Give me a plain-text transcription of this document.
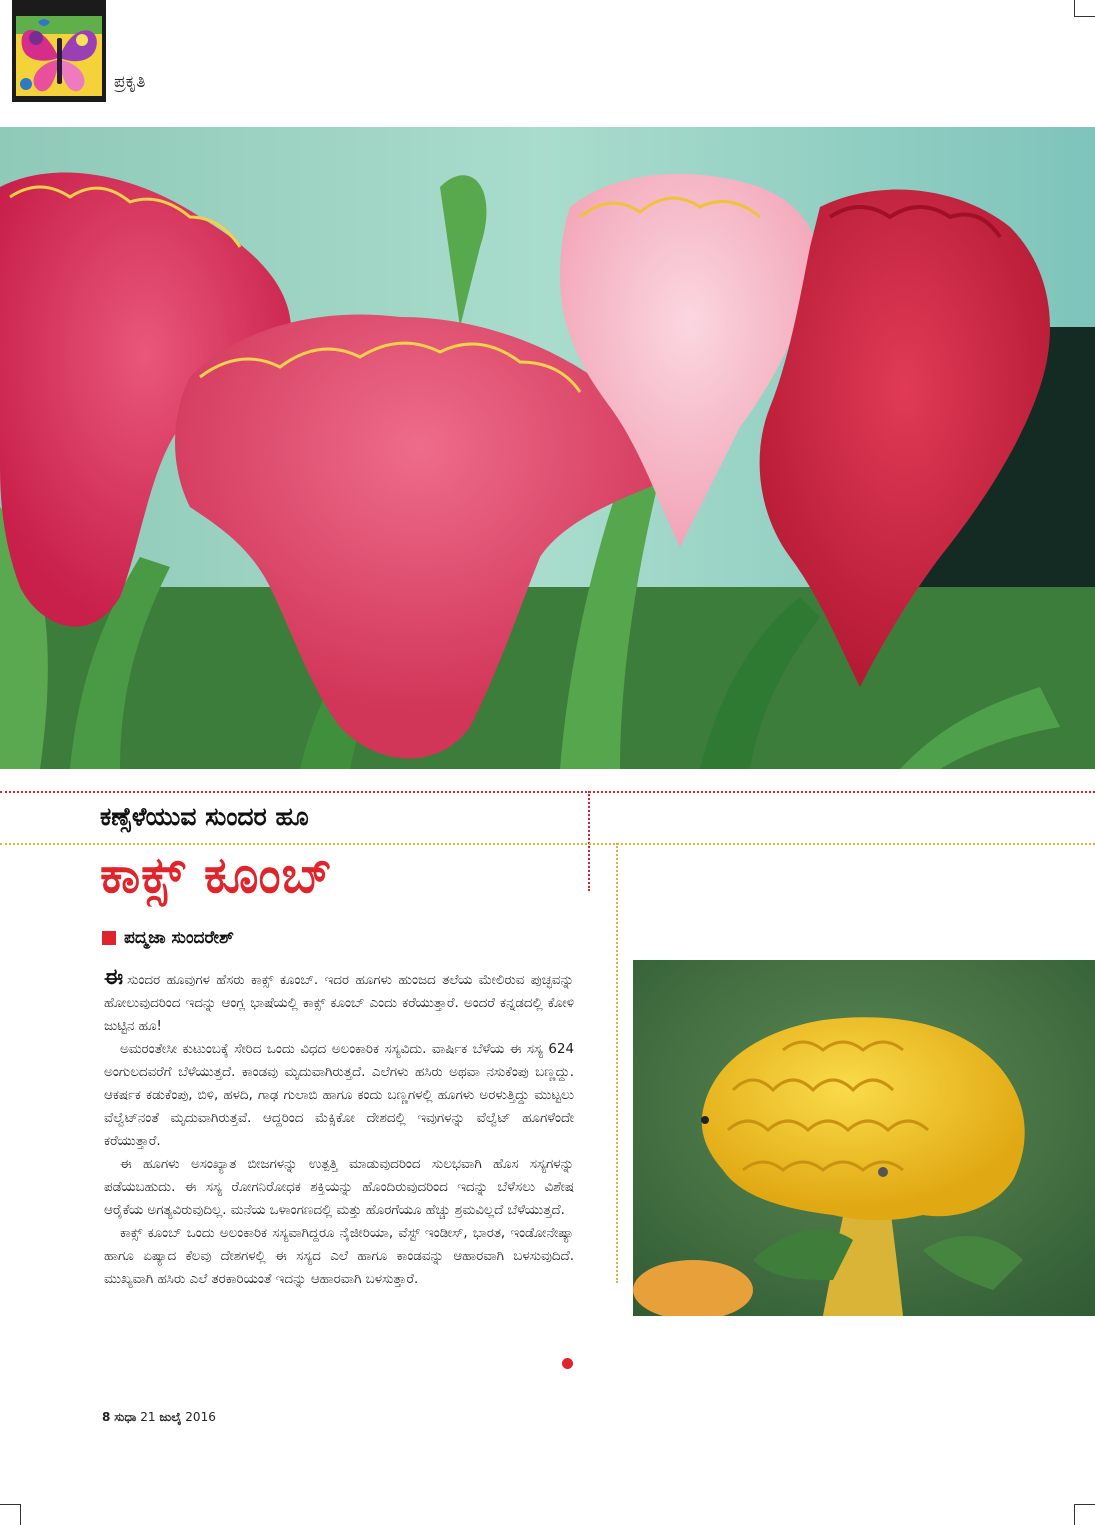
ಪ್ರಕೃತಿ
ಕಣ್ಸೆಳೆಯುವ ಸುಂದರ ಹೂ
ಕಾಕ್ಸ್ ಕೂಂಬ್
ಪದ್ಮಜಾ ಸುಂದರೇಶ್

ಈಸುಂದರ ಹೂವುಗಳ ಹೆಸರು ಕಾಕ್ಸ್ ಕೂಂಬ್. ಇದರ ಹೂಗಳು ಹುಂಜದ ತಲೆಯ ಮೇಲಿರುವ ಪುಚ್ಛವನ್ನು ಹೋಲುವುದರಿಂದ ಇದನ್ನು ಆಂಗ್ಲ ಭಾಷೆಯಲ್ಲಿ ಕಾಕ್ಸ್ ಕೂಂಬ್ ಎಂದು ಕರೆಯುತ್ತಾರೆ. ಅಂದರೆ ಕನ್ನಡದಲ್ಲಿ ಕೋಳಿ ಜುಟ್ಟಿನ ಹೂ!

ಅಮರಂತೇಸೀ ಕುಟುಂಬಕ್ಕೆ ಸೇರಿದ ಒಂದು ವಿಧದ ಅಲಂಕಾರಿಕ ಸಸ್ಯವಿದು. ವಾರ್ಷಿಕ ಬೆಳೆಯ ಈ ಸಸ್ಯ 624 ಅಂಗುಲದವರೆಗೆ ಬೆಳೆಯುತ್ತದೆ. ಕಾಂಡವು ಮೃದುವಾಗಿರುತ್ತದೆ. ಎಲೆಗಳು ಹಸಿರು ಅಥವಾ ನಸುಕೆಂಪು ಬಣ್ಣದ್ದು. ಆಕರ್ಷಕ ಕಡುಕೆಂಪು, ಬಿಳಿ, ಹಳದಿ, ಗಾಢ ಗುಲಾಬಿ ಹಾಗೂ ಕಂದು ಬಣ್ಣಗಳಲ್ಲಿ ಹೂಗಳು ಅರಳುತ್ತಿದ್ದು ಮುಟ್ಟಲು ವೆಲ್ವೆಟ್‌ನಂತೆ ಮೃದುವಾಗಿರುತ್ತವೆ. ಆದ್ದರಿಂದ ಮೆಕ್ಸಿಕೋ ದೇಶದಲ್ಲಿ ಇವುಗಳನ್ನು ವೆಲ್ವೆಟ್ ಹೂಗಳೆಂದೇ ಕರೆಯುತ್ತಾರೆ.

ಈ ಹೂಗಳು ಅಸಂಖ್ಯಾತ ಬೀಜಗಳನ್ನು ಉತ್ಪತ್ತಿ ಮಾಡುವುದರಿಂದ ಸುಲಭವಾಗಿ ಹೊಸ ಸಸ್ಯಗಳನ್ನು ಪಡೆಯಬಹುದು. ಈ ಸಸ್ಯ ರೋಗನಿರೋಧಕ ಶಕ್ತಿಯನ್ನು ಹೊಂದಿರುವುದರಿಂದ ಇದನ್ನು ಬೆಳೆಸಲು ವಿಶೇಷ ಆರೈಕೆಯ ಅಗತ್ಯವಿರುವುದಿಲ್ಲ. ಮನೆಯ ಒಳಾಂಗಣದಲ್ಲಿ ಮತ್ತು ಹೊರಗೆಯೂ ಹೆಚ್ಚು ಶ್ರಮವಿಲ್ಲದೆ ಬೆಳೆಯುತ್ತದೆ.

ಕಾಕ್ಸ್ ಕೂಂಬ್ ಒಂದು ಅಲಂಕಾರಿಕ ಸಸ್ಯವಾಗಿದ್ದರೂ ನೈಜೀರಿಯಾ, ವೆಸ್ಟ್ ಇಂಡೀಸ್, ಭಾರತ, ಇಂಡೋನೇಷ್ಯಾ ಹಾಗೂ ಏಷ್ಯಾದ ಕೆಲವು ದೇಶಗಳಲ್ಲಿ ಈ ಸಸ್ಯದ ಎಲೆ ಹಾಗೂ ಕಾಂಡವನ್ನು ಆಹಾರವಾಗಿ ಬಳಸುವುದಿದೆ. ಮುಖ್ಯವಾಗಿ ಹಸಿರು ಎಲೆ ತರಕಾರಿಯಂತೆ ಇದನ್ನು ಆಹಾರವಾಗಿ ಬಳಸುತ್ತಾರೆ.

8 ಸುಧಾ 21 ಜುಲೈ 2016
